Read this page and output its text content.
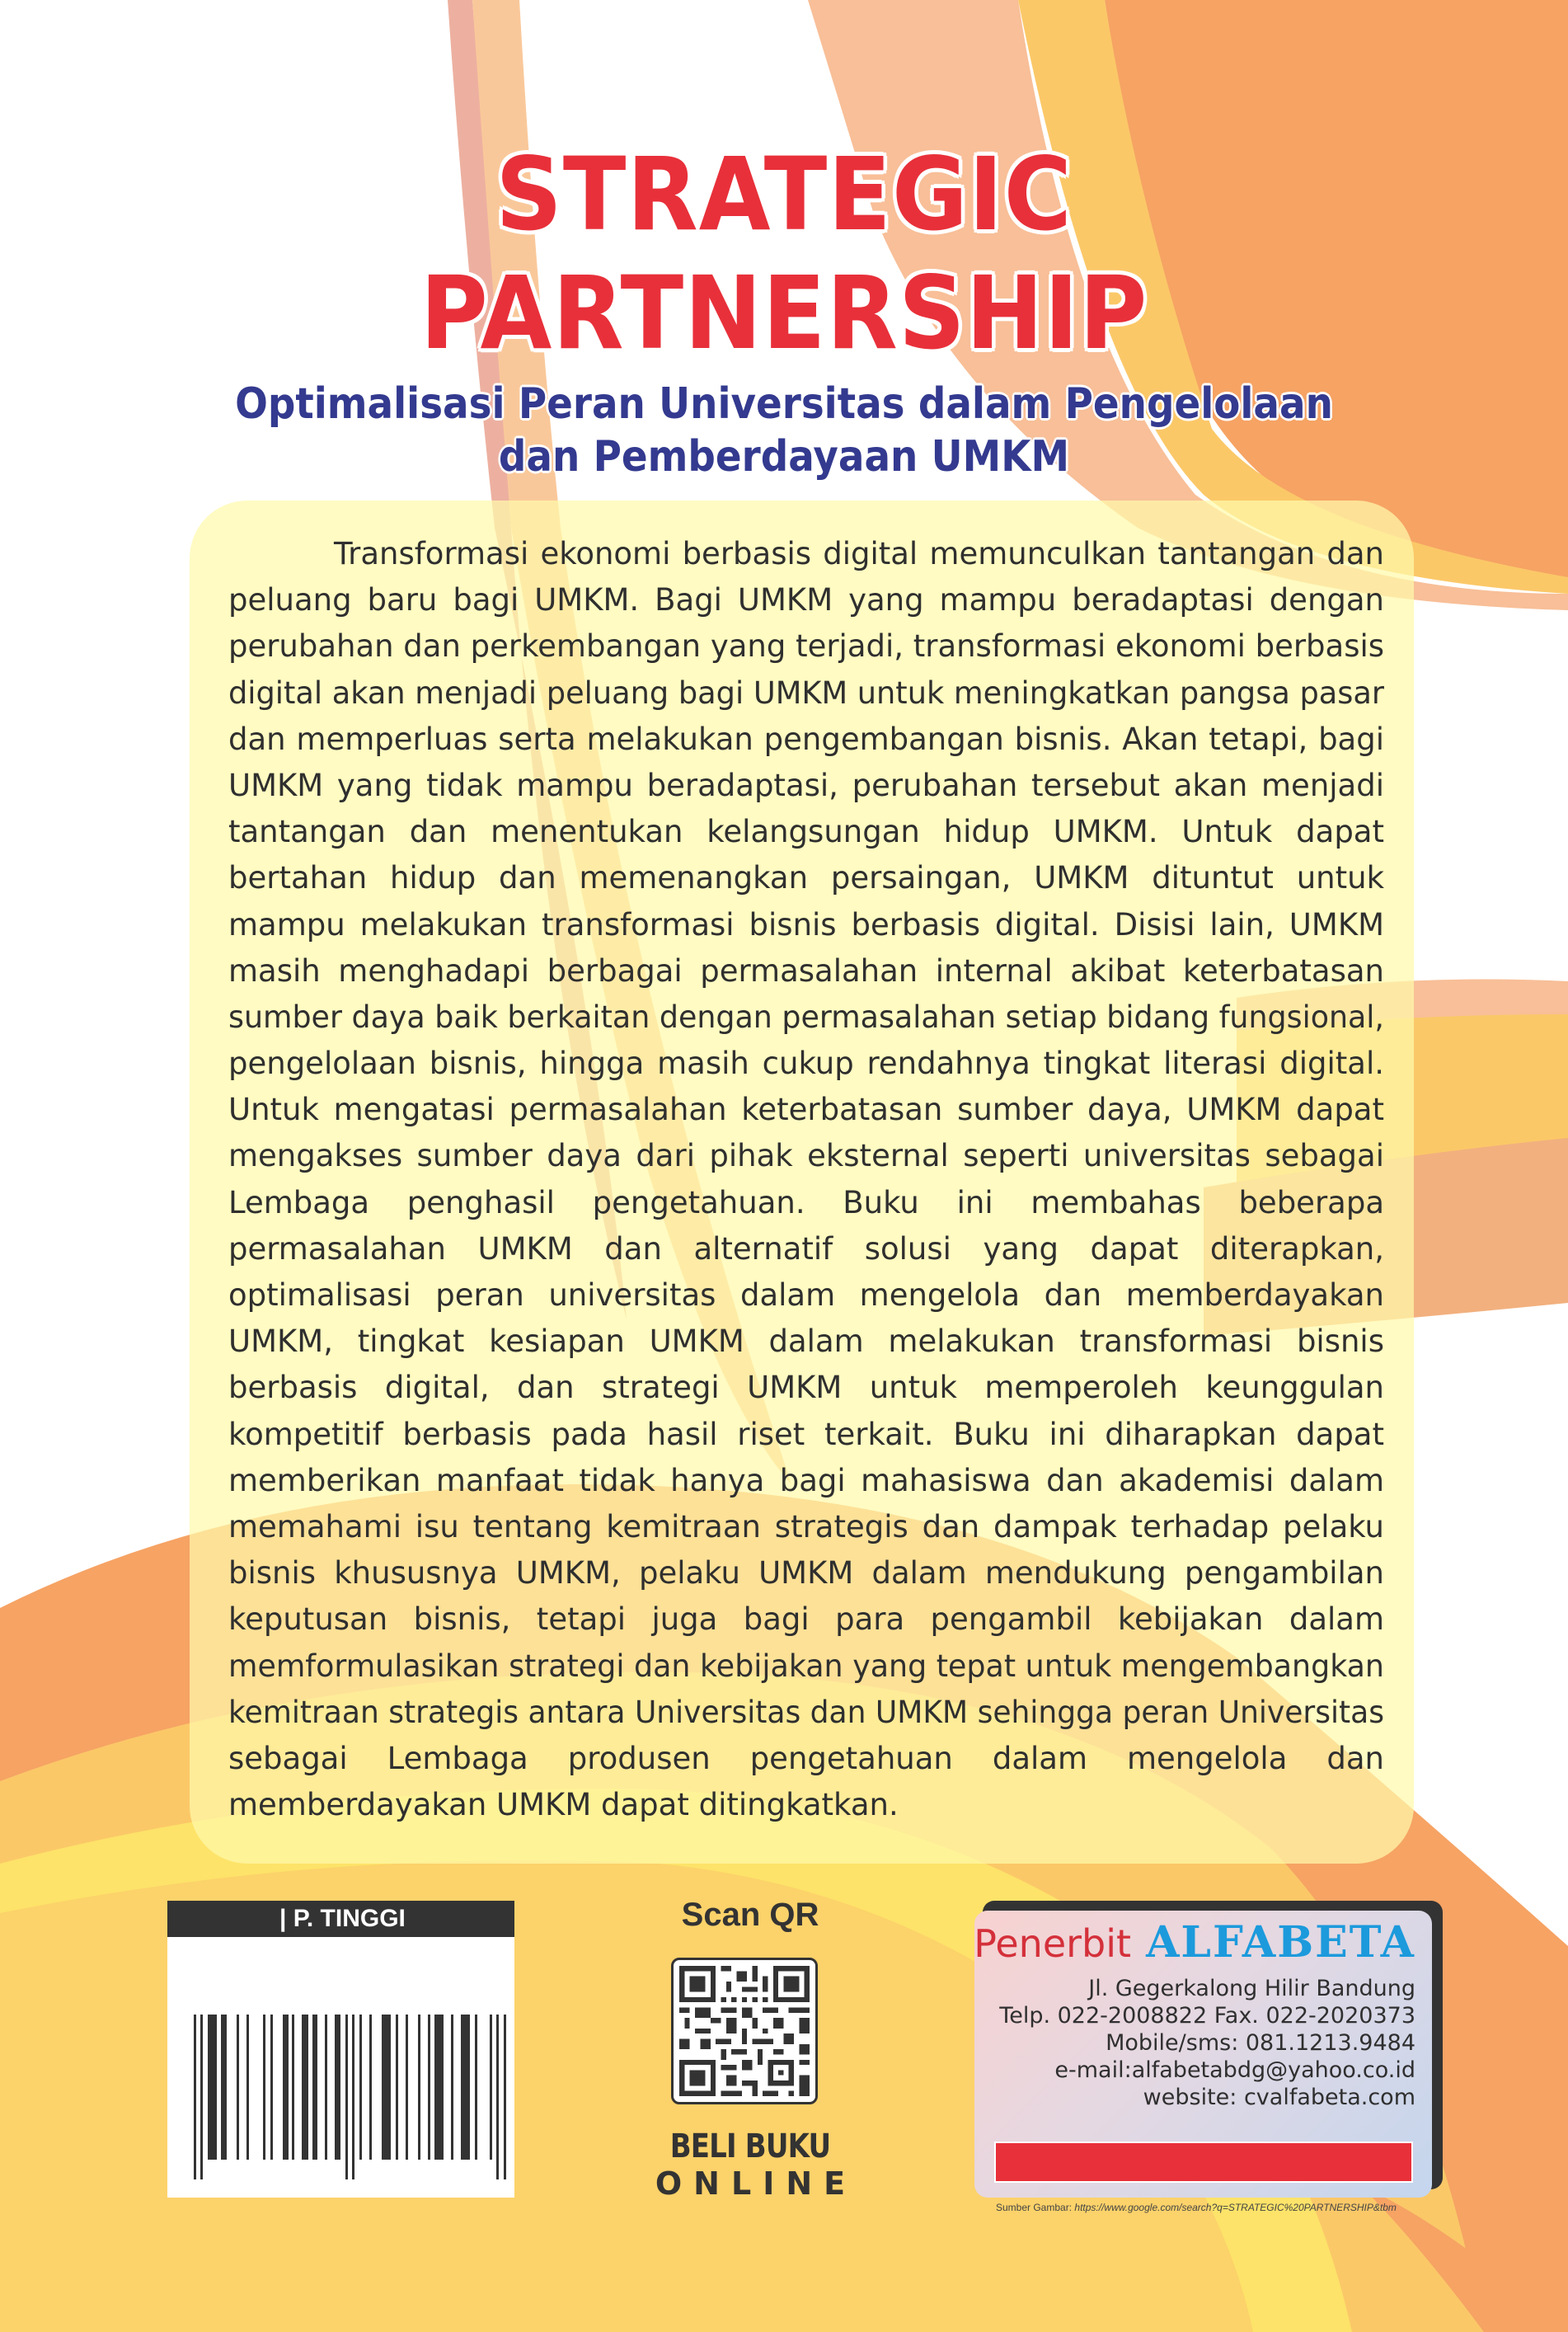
STRATEGIC
PARTNERSHIP
Optimalisasi Peran Universitas dalam Pengelolaan
dan Pemberdayaan UMKM
Transformasi ekonomi berbasis digital memunculkan tantangan dan
peluang baru bagi UMKM. Bagi UMKM yang mampu beradaptasi dengan
perubahan dan perkembangan yang terjadi, transformasi ekonomi berbasis
digital akan menjadi peluang bagi UMKM untuk meningkatkan pangsa pasar
dan memperluas serta melakukan pengembangan bisnis. Akan tetapi, bagi
UMKM yang tidak mampu beradaptasi, perubahan tersebut akan menjadi
tantangan dan menentukan kelangsungan hidup UMKM. Untuk dapat
bertahan hidup dan memenangkan persaingan, UMKM dituntut untuk
mampu melakukan transformasi bisnis berbasis digital. Disisi lain, UMKM
masih menghadapi berbagai permasalahan internal akibat keterbatasan
sumber daya baik berkaitan dengan permasalahan setiap bidang fungsional,
pengelolaan bisnis, hingga masih cukup rendahnya tingkat literasi digital.
Untuk mengatasi permasalahan keterbatasan sumber daya, UMKM dapat
mengakses sumber daya dari pihak eksternal seperti universitas sebagai
Lembaga penghasil pengetahuan. Buku ini membahas beberapa
permasalahan UMKM dan alternatif solusi yang dapat diterapkan,
optimalisasi peran universitas dalam mengelola dan memberdayakan
UMKM, tingkat kesiapan UMKM dalam melakukan transformasi bisnis
berbasis digital, dan strategi UMKM untuk memperoleh keunggulan
kompetitif berbasis pada hasil riset terkait. Buku ini diharapkan dapat
memberikan manfaat tidak hanya bagi mahasiswa dan akademisi dalam
memahami isu tentang kemitraan strategis dan dampak terhadap pelaku
bisnis khususnya UMKM, pelaku UMKM dalam mendukung pengambilan
keputusan bisnis, tetapi juga bagi para pengambil kebijakan dalam
memformulasikan strategi dan kebijakan yang tepat untuk mengembangkan
kemitraan strategis antara Universitas dan UMKM sehingga peran Universitas
sebagai Lembaga produsen pengetahuan dalam mengelola dan
memberdayakan UMKM dapat ditingkatkan.
| P. TINGGI	Scan QR
BELI BUKU
ONLINE
Penerbit ALFABETA
Jl. Gegerkalong Hilir Bandung
Telp. 022-2008822 Fax. 022-2020373
Mobile/sms: 081.1213.9484
e-mail:alfabetabdg@yahoo.co.id
website: cvalfabeta.com
Sumber Gambar: https://www.google.com/search?q=STRATEGIC%20PARTNERSHIP&tbm
